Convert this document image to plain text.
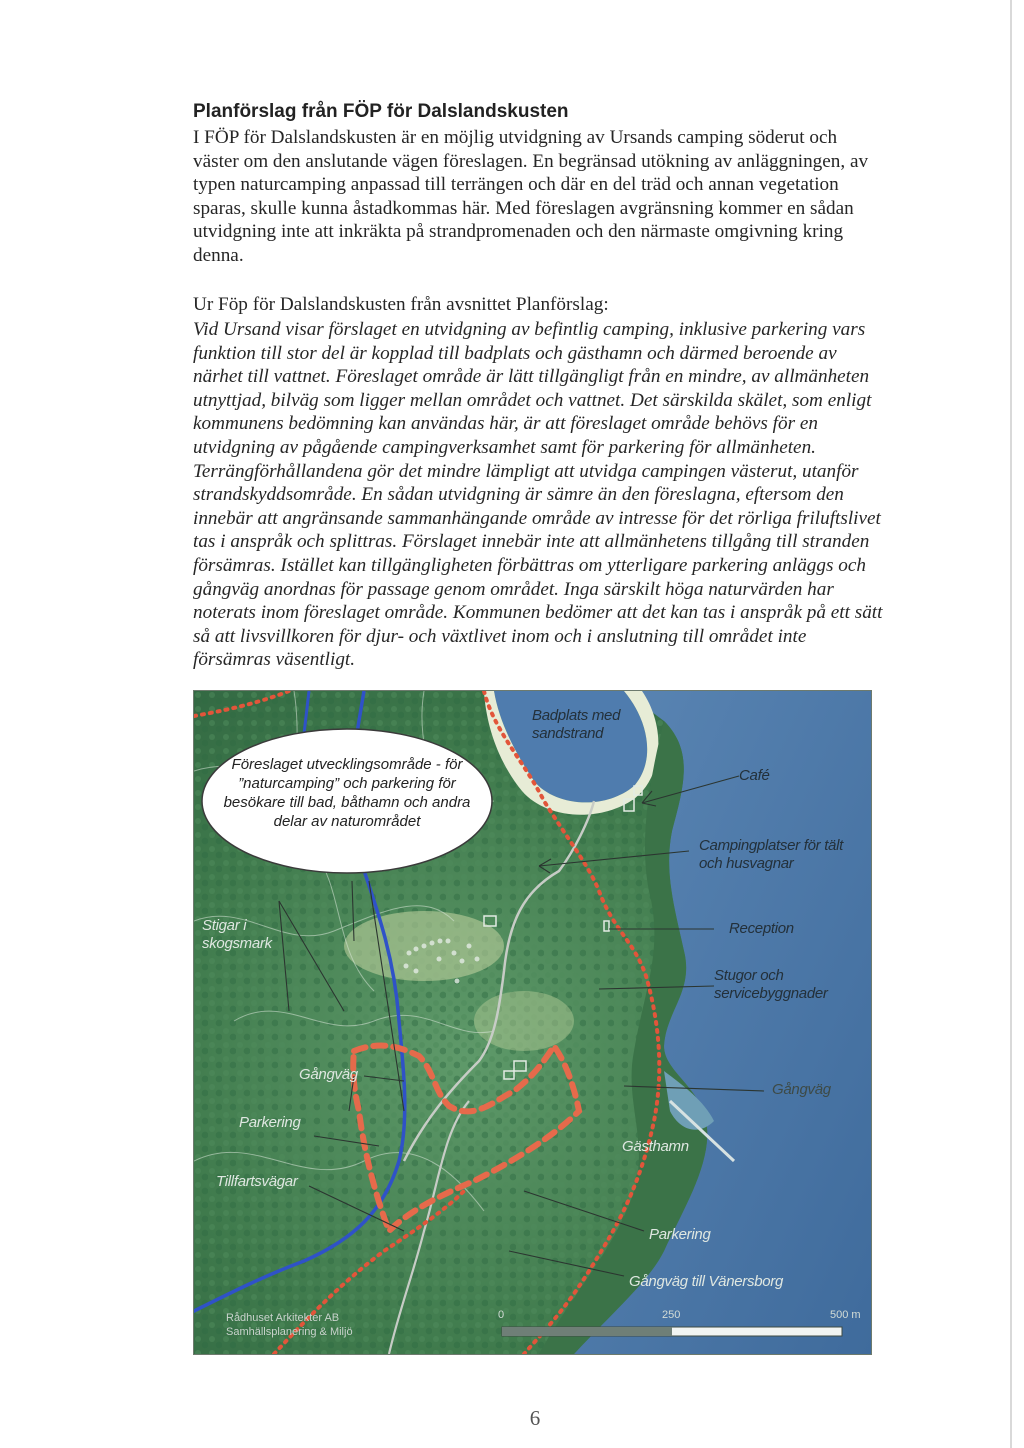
Planförslag från FÖP för Dalslandskusten
I FÖP för Dalslandskusten är en möjlig utvidgning av Ursands camping söderut och väster om den anslutande vägen föreslagen. En begränsad utökning av anläggningen, av typen naturcamping anpassad till terrängen och där en del träd och annan vegetation sparas, skulle kunna åstadkommas här. Med föreslagen avgränsning kommer en sådan utvidgning inte att inkräkta på strandpromenaden och den närmaste omgivning kring denna.
Ur Föp för Dalslandskusten från avsnittet Planförslag:
Vid Ursand visar förslaget en utvidgning av befintlig camping, inklusive parkering vars funktion till stor del är kopplad till badplats och gästhamn och därmed beroende av närhet till vattnet. Föreslaget område är lätt tillgängligt från en mindre, av allmänheten utnyttjad, bilväg som ligger mellan området och vattnet. Det särskilda skälet, som enligt kommunens bedömning kan användas här, är att föreslaget område behövs för en utvidgning av pågående campingverksamhet samt för parkering för allmänheten. Terrängförhållandena gör det mindre lämpligt att utvidga campingen västerut, utanför strandskyddsområde. En sådan utvidgning är sämre än den föreslagna, eftersom den innebär att angränsande sammanhängande område av intresse för det rörliga friluftslivet tas i anspråk och splittras. Förslaget innebär inte att allmänhetens tillgång till stranden försämras. Istället kan tillgängligheten förbättras om ytterligare parkering anläggs och gångväg anordnas för passage genom området. Inga särskilt höga naturvärden har noterats inom föreslaget område. Kommunen bedömer att det kan tas i anspråk på ett sätt så att livsvillkoren för djur- och växtlivet inom och i anslutning till området inte försämras väsentligt.
Föreslaget utvecklingsområde - för ”naturcamping” och parkering för besökare till bad, båthamn och andra delar av naturområdet
Badplats med sandstrand
Café
Campingplatser för tält och husvagnar
Reception
Stugor och servicebyggnader
Gångväg
Gästhamn
Parkering
Gångväg till Vänersborg
Stigar i skogsmark
Gångväg
Parkering
Tillfartsvägar
Rådhuset Arkitekter AB Samhällsplanering & Miljö
0	250	500 m
6
